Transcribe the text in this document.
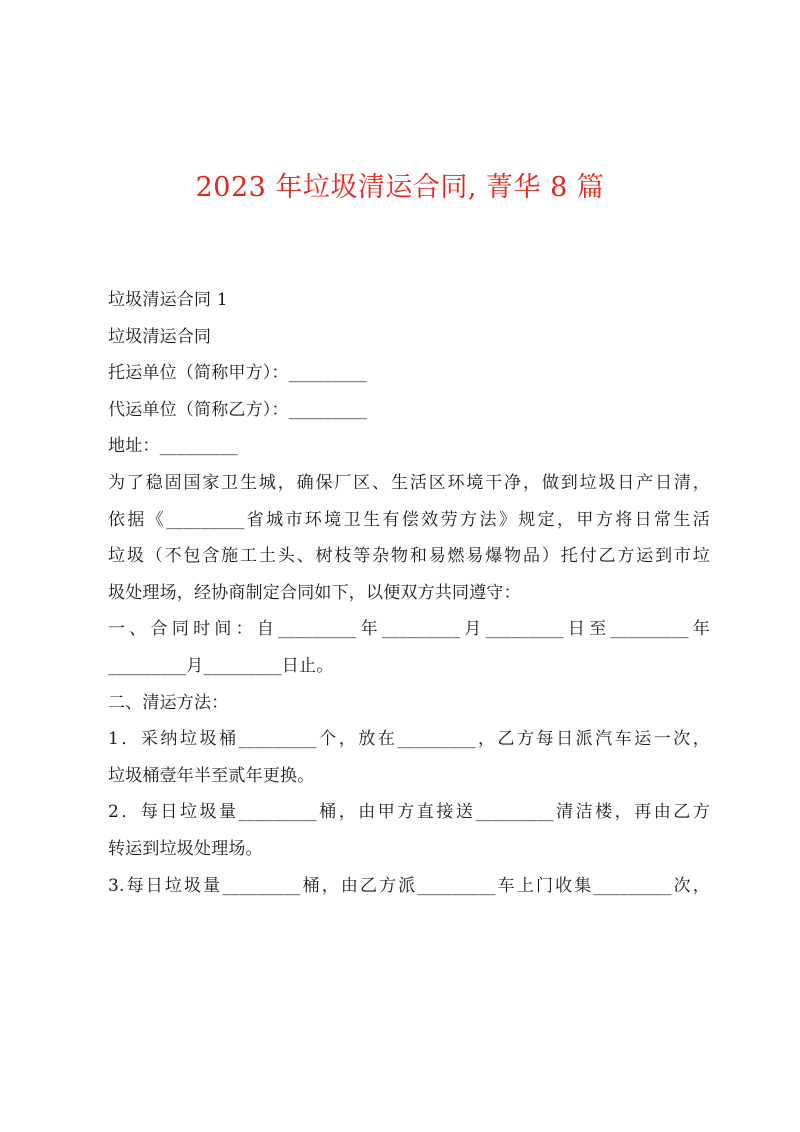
2023 年垃圾清运合同, 菁华 8 篇
垃圾清运合同 1
垃圾清运合同
托运单位（简称甲方）：_________
代运单位（简称乙方）：_________
地址：_________
为了稳固国家卫生城，确保厂区、生活区环境干净，做到垃圾日产日清，
依据《_________省城市环境卫生有偿效劳方法》规定，甲方将日常生活
垃圾（不包含施工土头、树枝等杂物和易燃易爆物品）托付乙方运到市垃
圾处理场，经协商制定合同如下，以便双方共同遵守：
一、合同时间：自_________年_________月_________日至_________年
_________月_________日止。
二、清运方法：
1．采纳垃圾桶_________个，放在_________，乙方每日派汽车运一次，
垃圾桶壹年半至贰年更换。
2．每日垃圾量_________桶，由甲方直接送_________清洁楼，再由乙方
转运到垃圾处理场。
3.每日垃圾量_________桶，由乙方派_________车上门收集_________次，
